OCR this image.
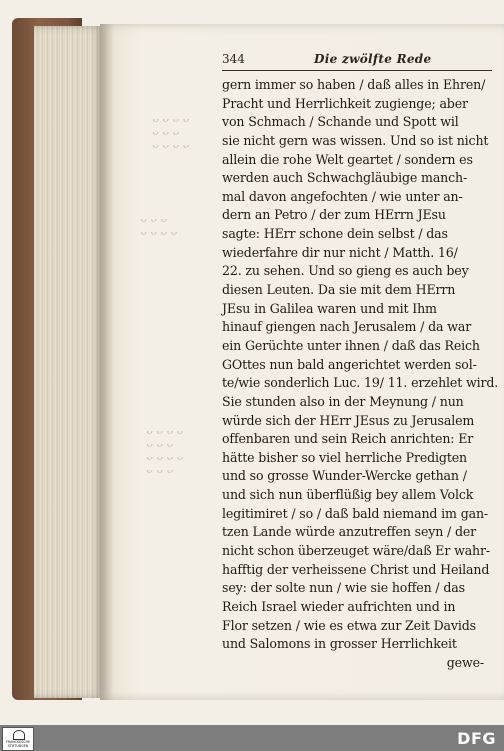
ᴗ ᴗ ᴗ ᴗ
ᴗ ᴗ ᴗ
ᴗ ᴗ ᴗ ᴗ
ᴗ ᴗ ᴗ
ᴗ ᴗ ᴗ ᴗ
ᴗ ᴗ ᴗ ᴗ
ᴗ ᴗ ᴗ
ᴗ ᴗ ᴗ ᴗ
ᴗ ᴗ ᴗ
344	Die zwölfte Rede
gern immer so haben / daß alles in Ehren/
Pracht und Herrlichkeit zugienge; aber
von Schmach / Schande und Spott wil
sie nicht gern was wissen. Und so ist nicht
allein die rohe Welt geartet / sondern es
werden auch Schwachgläubige manch-
mal davon angefochten / wie unter an-
dern an Petro / der zum HErrn JEsu
sagte: HErr schone dein selbst / das
wiederfahre dir nur nicht / Matth. 16/
22. zu sehen. Und so gieng es auch bey
diesen Leuten. Da sie mit dem HErrn
JEsu in Galilea waren und mit Ihm
hinauf giengen nach Jerusalem / da war
ein Gerüchte unter ihnen / daß das Reich
GOttes nun bald angerichtet werden sol-
te/wie sonderlich Luc. 19/ 11. erzehlet wird.
Sie stunden also in der Meynung / nun
würde sich der HErr JEsus zu Jerusalem
offenbaren und sein Reich anrichten: Er
hätte bisher so viel herrliche Predigten
und so grosse Wunder-Wercke gethan /
und sich nun überflüßig bey allem Volck
legitimiret / so / daß bald niemand im gan-
tzen Lande würde anzutreffen seyn / der
nicht schon überzeuget wäre/daß Er wahr-
hafftig der verheissene Christ und Heiland
sey: der solte nun / wie sie hoffen / das
Reich Israel wieder aufrichten und in
Flor setzen / wie es etwa zur Zeit Davids
und Salomons in grosser Herrlichkeit
gewe-
FRANCKESCHE STIFTUNGEN	DFG
